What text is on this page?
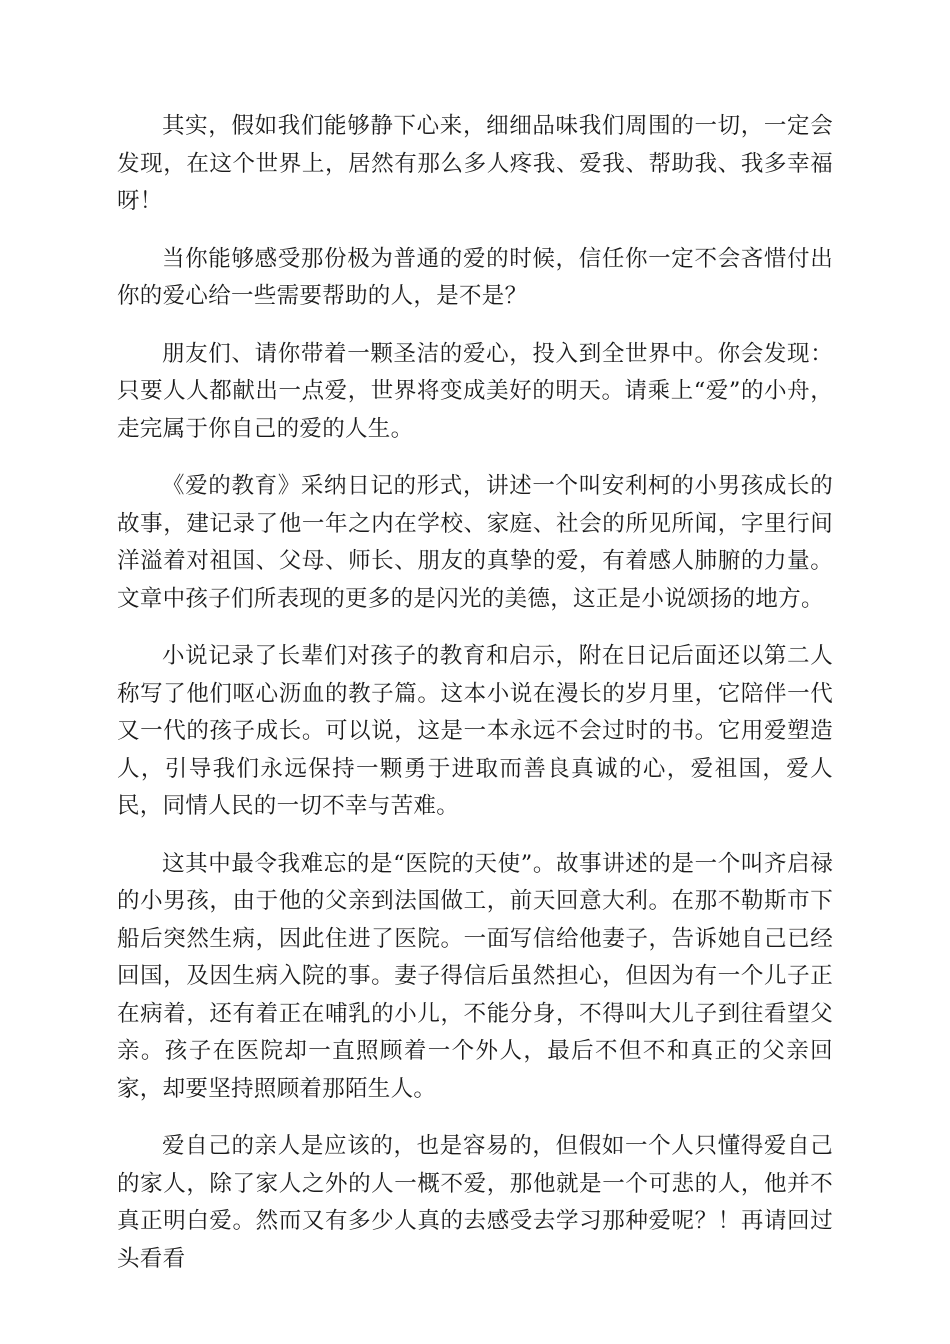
其实，假如我们能够静下心来，细细品味我们周围的一切，一定会发现，在这个世界上，居然有那么多人疼我、爱我、帮助我、我多幸福呀！

当你能够感受那份极为普通的爱的时候，信任你一定不会吝惜付出你的爱心给一些需要帮助的人，是不是？

朋友们、请你带着一颗圣洁的爱心，投入到全世界中。你会发现：只要人人都献出一点爱，世界将变成美好的明天。请乘上“爱”的小舟，走完属于你自己的爱的人生。

《爱的教育》采纳日记的形式，讲述一个叫安利柯的小男孩成长的故事，建记录了他一年之内在学校、家庭、社会的所见所闻，字里行间洋溢着对祖国、父母、师长、朋友的真挚的爱，有着感人肺腑的力量。文章中孩子们所表现的更多的是闪光的美德，这正是小说颂扬的地方。

小说记录了长辈们对孩子的教育和启示，附在日记后面还以第二人称写了他们呕心沥血的教子篇。这本小说在漫长的岁月里，它陪伴一代又一代的孩子成长。可以说，这是一本永远不会过时的书。它用爱塑造人，引导我们永远保持一颗勇于进取而善良真诚的心，爱祖国，爱人民，同情人民的一切不幸与苦难。

这其中最令我难忘的是“医院的天使”。故事讲述的是一个叫齐启禄的小男孩，由于他的父亲到法国做工，前天回意大利。在那不勒斯市下船后突然生病，因此住进了医院。一面写信给他妻子，告诉她自己已经回国，及因生病入院的事。妻子得信后虽然担心，但因为有一个儿子正在病着，还有着正在哺乳的小儿，不能分身，不得叫大儿子到往看望父亲。孩子在医院却一直照顾着一个外人，最后不但不和真正的父亲回家，却要坚持照顾着那陌生人。

爱自己的亲人是应该的，也是容易的，但假如一个人只懂得爱自己的家人，除了家人之外的人一概不爱，那他就是一个可悲的人，他并不真正明白爱。然而又有多少人真的去感受去学习那种爱呢？！再请回过头看看
